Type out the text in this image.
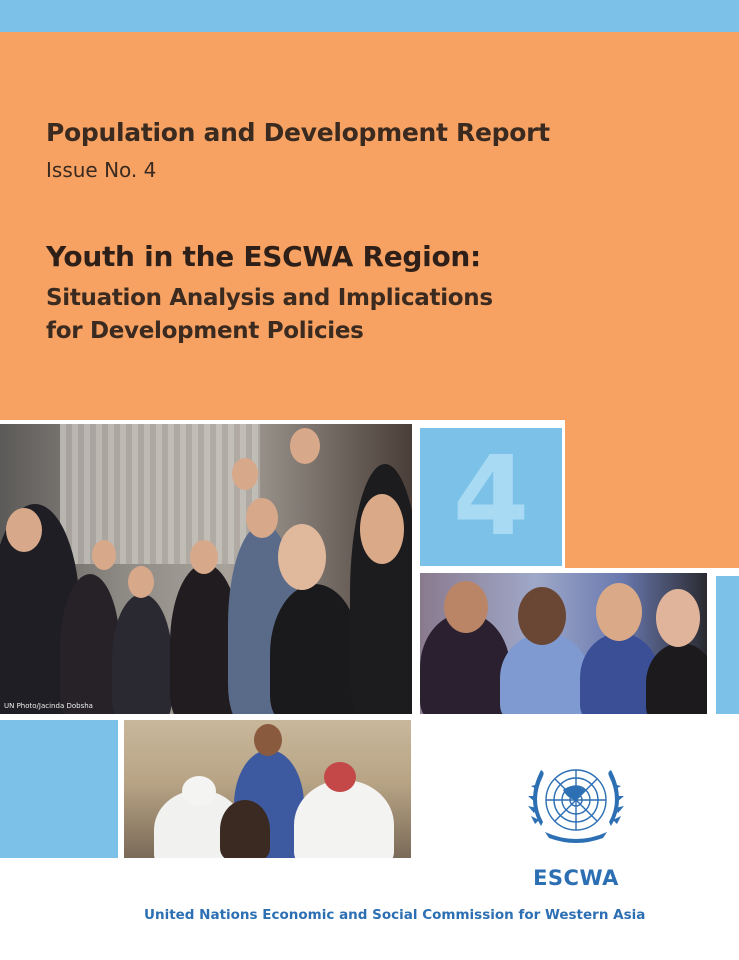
Population and Development Report
Issue No. 4
Youth in the ESCWA Region:
Situation Analysis and Implications
for Development Policies
UN Photo/Jacinda Dobsha
4
ESCWA
United Nations Economic and Social Commission for Western Asia
